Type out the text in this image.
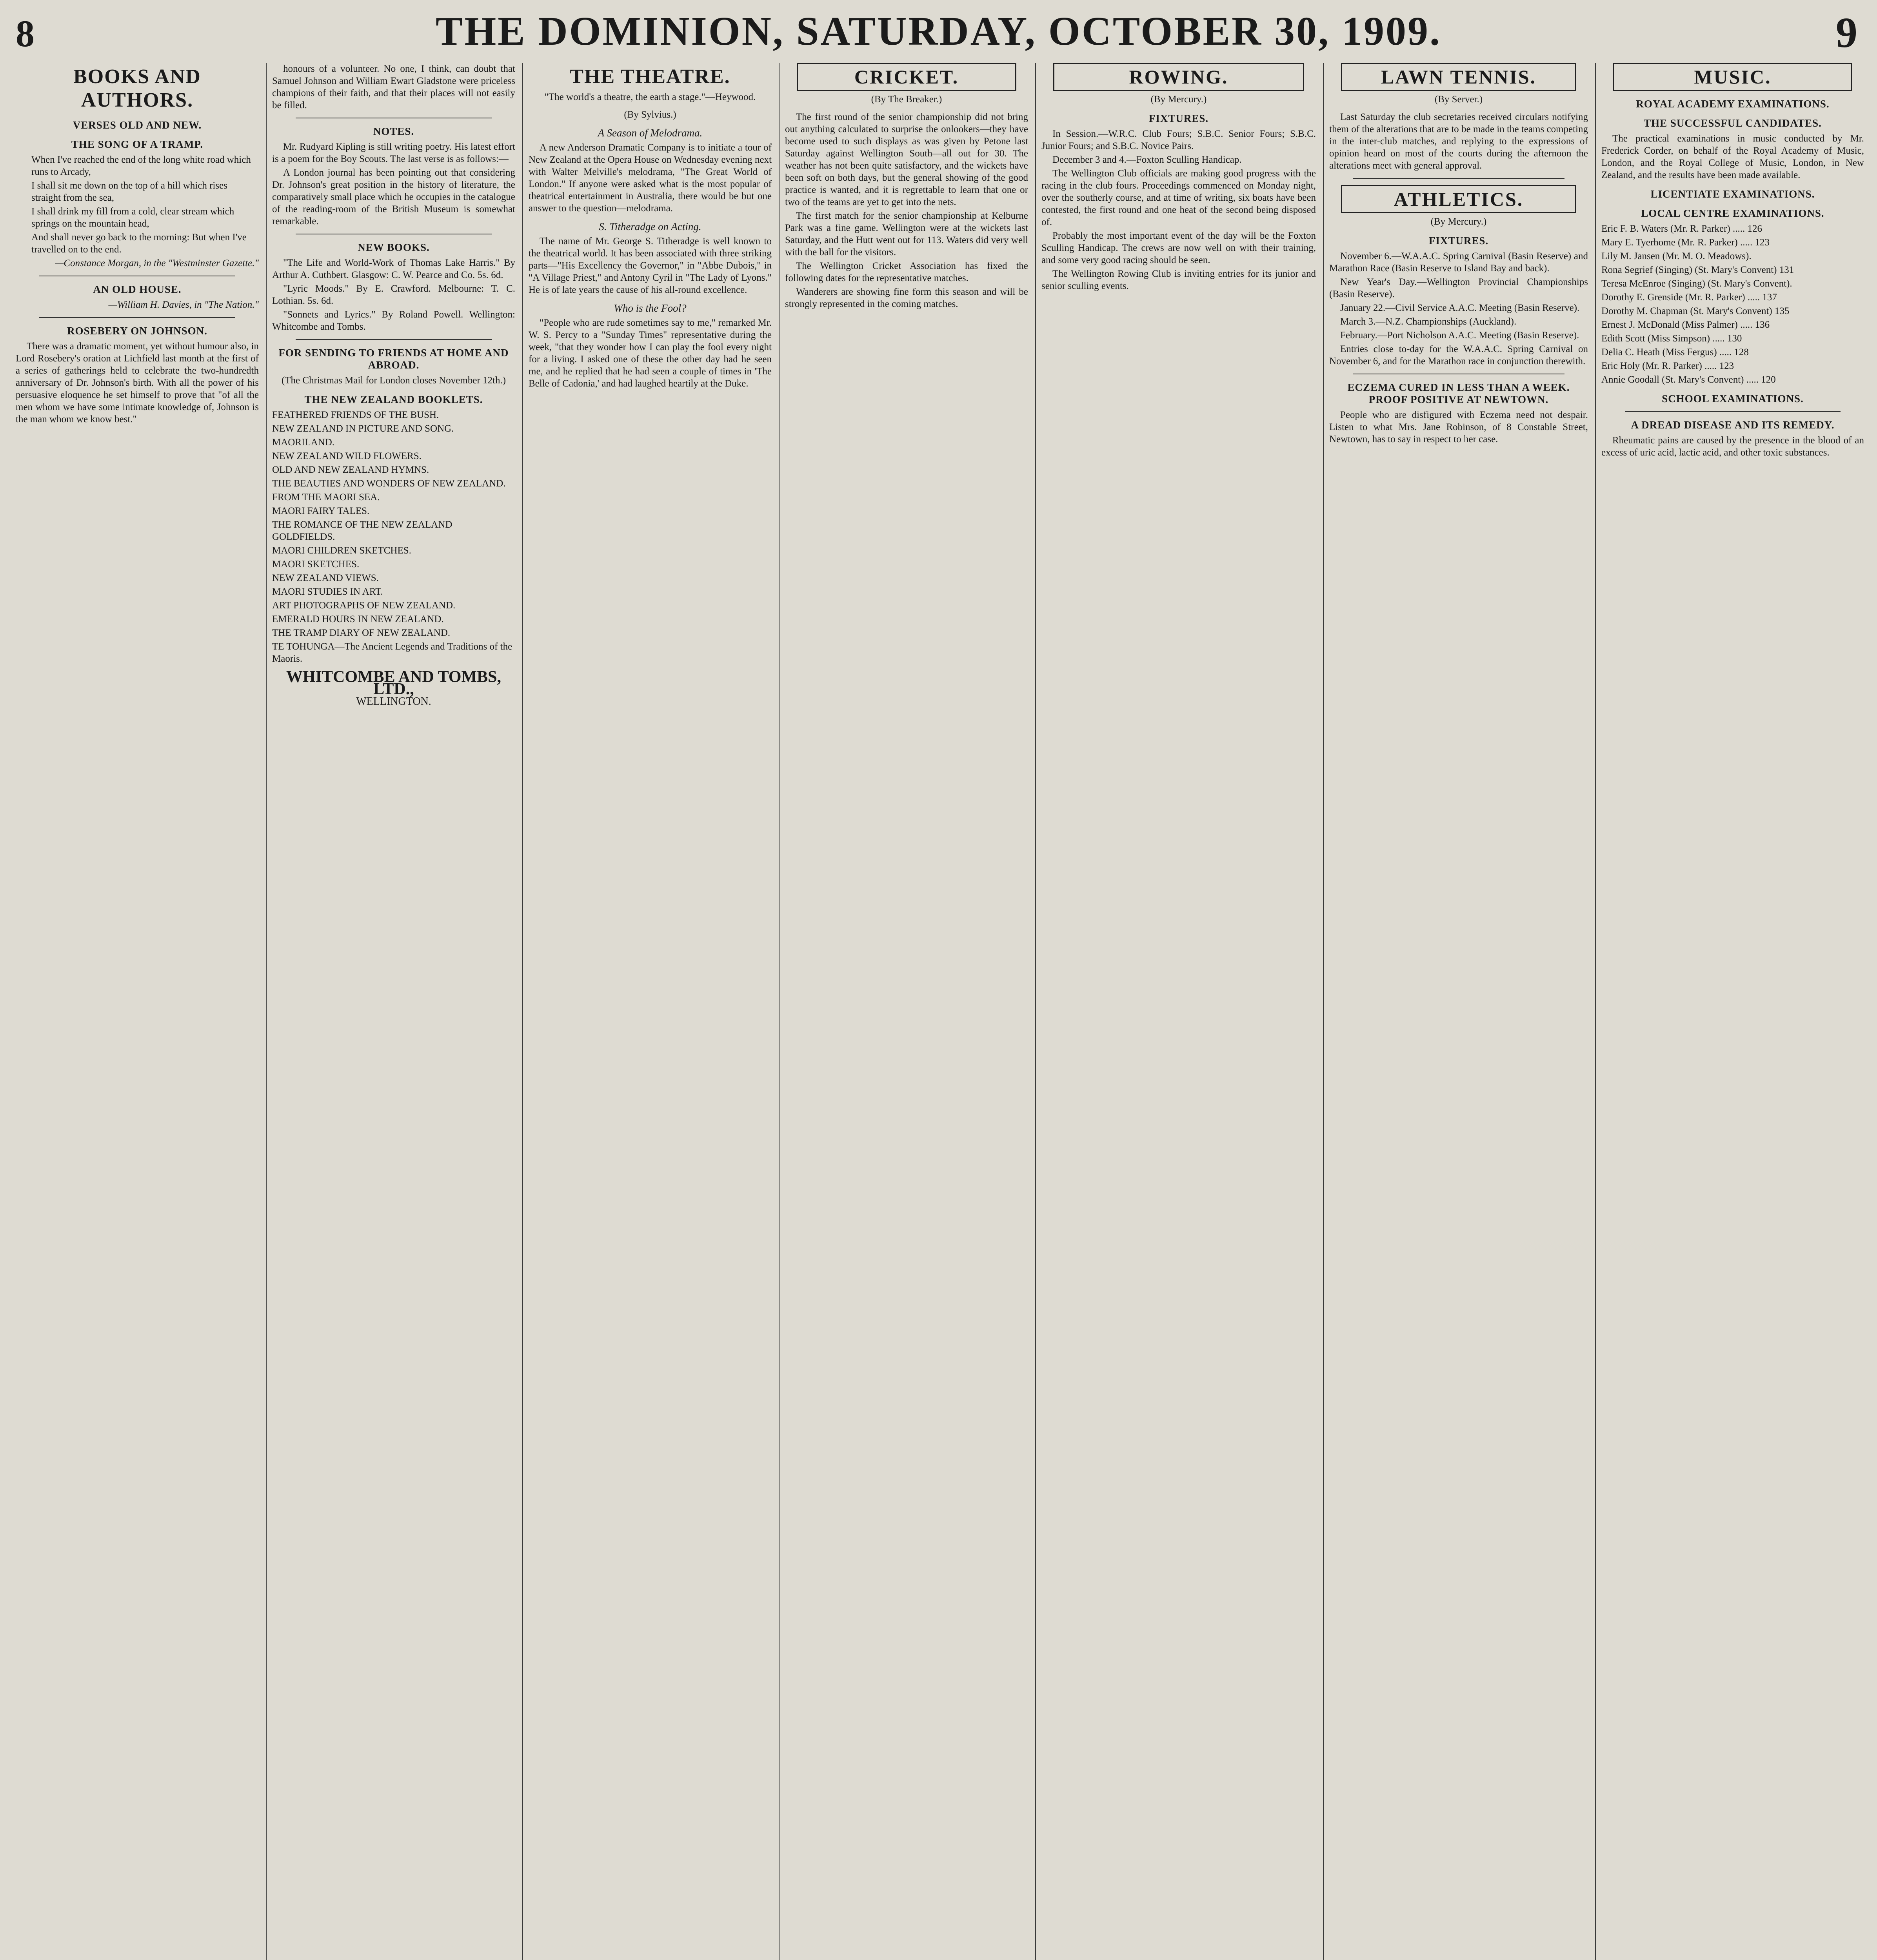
8	THE DOMINION, SATURDAY, OCTOBER 30, 1909.	9
BOOKS AND AUTHORS.
VERSES OLD AND NEW.
THE SONG OF A TRAMP.

When I've reached the end of the long white road which runs to Arcady,

I shall sit me down on the top of a hill which rises straight from the sea,

I shall drink my fill from a cold, clear stream which springs on the mountain head,

And shall never go back to the morning: But when I've travelled on to the end.

—Constance Morgan, in the "Westminster Gazette."

AN OLD HOUSE.

—William H. Davies, in "The Nation."

ROSEBERY ON JOHNSON.

There was a dramatic moment, yet without humour also, in Lord Rosebery's oration at Lichfield last month at the first of a series of gatherings held to celebrate the two-hundredth anniversary of Dr. Johnson's birth. With all the power of his persuasive eloquence he set himself to prove that "of all the men whom we have some intimate knowledge of, Johnson is the man whom we know best."

honours of a volunteer. No one, I think, can doubt that Samuel Johnson and William Ewart Gladstone were priceless champions of their faith, and that their places will not easily be filled.

NOTES.

Mr. Rudyard Kipling is still writing poetry. His latest effort is a poem for the Boy Scouts. The last verse is as follows:—

A London journal has been pointing out that considering Dr. Johnson's great position in the history of literature, the comparatively small place which he occupies in the catalogue of the reading-room of the British Museum is somewhat remarkable.

NEW BOOKS.

"The Life and World-Work of Thomas Lake Harris." By Arthur A. Cuthbert. Glasgow: C. W. Pearce and Co. 5s. 6d.

"Lyric Moods." By E. Crawford. Melbourne: T. C. Lothian. 5s. 6d.

"Sonnets and Lyrics." By Roland Powell. Wellington: Whitcombe and Tombs.

FOR SENDING TO FRIENDS AT HOME AND ABROAD.
(The Christmas Mail for London closes November 12th.)
THE NEW ZEALAND BOOKLETS.

FEATHERED FRIENDS OF THE BUSH.

NEW ZEALAND IN PICTURE AND SONG.

MAORILAND.

NEW ZEALAND WILD FLOWERS.

OLD AND NEW ZEALAND HYMNS.

THE BEAUTIES AND WONDERS OF NEW ZEALAND.

FROM THE MAORI SEA.

MAORI FAIRY TALES.

THE ROMANCE OF THE NEW ZEALAND GOLDFIELDS.

MAORI CHILDREN SKETCHES.

MAORI SKETCHES.

NEW ZEALAND VIEWS.

MAORI STUDIES IN ART.

ART PHOTOGRAPHS OF NEW ZEALAND.

EMERALD HOURS IN NEW ZEALAND.

THE TRAMP DIARY OF NEW ZEALAND.

TE TOHUNGA—The Ancient Legends and Traditions of the Maoris.

WHITCOMBE AND TOMBS, LTD.,
WELLINGTON.
THE THEATRE.
"The world's a theatre, the earth a stage."—Heywood.
(By Sylvius.)
A Season of Melodrama.

A new Anderson Dramatic Company is to initiate a tour of New Zealand at the Opera House on Wednesday evening next with Walter Melville's melodrama, "The Great World of London." If anyone were asked what is the most popular of theatrical entertainment in Australia, there would be but one answer to the question—melodrama.

S. Titheradge on Acting.

The name of Mr. George S. Titheradge is well known to the theatrical world. It has been associated with three striking parts—"His Excellency the Governor," in "Abbe Dubois," in "A Village Priest," and Antony Cyril in "The Lady of Lyons." He is of late years the cause of his all-round excellence.

Who is the Fool?

"People who are rude sometimes say to me," remarked Mr. W. S. Percy to a "Sunday Times" representative during the week, "that they wonder how I can play the fool every night for a living. I asked one of these the other day had he seen me, and he replied that he had seen a couple of times in 'The Belle of Cadonia,' and had laughed heartily at the Duke.

CRICKET.
(By The Breaker.)

The first round of the senior championship did not bring out anything calculated to surprise the onlookers—they have become used to such displays as was given by Petone last Saturday against Wellington South—all out for 30. The weather has not been quite satisfactory, and the wickets have been soft on both days, but the general showing of the good practice is wanted, and it is regrettable to learn that one or two of the teams are yet to get into the nets.

The first match for the senior championship at Kelburne Park was a fine game. Wellington were at the wickets last Saturday, and the Hutt went out for 113. Waters did very well with the ball for the visitors.

The Wellington Cricket Association has fixed the following dates for the representative matches.

Wanderers are showing fine form this season and will be strongly represented in the coming matches.

ROWING.
(By Mercury.)
FIXTURES.

In Session.—W.R.C. Club Fours; S.B.C. Senior Fours; S.B.C. Junior Fours; and S.B.C. Novice Pairs.

December 3 and 4.—Foxton Sculling Handicap.

The Wellington Club officials are making good progress with the racing in the club fours. Proceedings commenced on Monday night, over the southerly course, and at time of writing, six boats have been contested, the first round and one heat of the second being disposed of.

Probably the most important event of the day will be the Foxton Sculling Handicap. The crews are now well on with their training, and some very good racing should be seen.

The Wellington Rowing Club is inviting entries for its junior and senior sculling events.

LAWN TENNIS.
(By Server.)

Last Saturday the club secretaries received circulars notifying them of the alterations that are to be made in the teams competing in the inter-club matches, and replying to the expressions of opinion heard on most of the courts during the afternoon the alterations meet with general approval.

ATHLETICS.
(By Mercury.)
FIXTURES.

November 6.—W.A.A.C. Spring Carnival (Basin Reserve) and Marathon Race (Basin Reserve to Island Bay and back).

New Year's Day.—Wellington Provincial Championships (Basin Reserve).

January 22.—Civil Service A.A.C. Meeting (Basin Reserve).

March 3.—N.Z. Championships (Auckland).

February.—Port Nicholson A.A.C. Meeting (Basin Reserve).

Entries close to-day for the W.A.A.C. Spring Carnival on November 6, and for the Marathon race in conjunction therewith.

ECZEMA CURED IN LESS THAN A WEEK. PROOF POSITIVE AT NEWTOWN.

People who are disfigured with Eczema need not despair. Listen to what Mrs. Jane Robinson, of 8 Constable Street, Newtown, has to say in respect to her case.

MUSIC.
ROYAL ACADEMY EXAMINATIONS.
THE SUCCESSFUL CANDIDATES.

The practical examinations in music conducted by Mr. Frederick Corder, on behalf of the Royal Academy of Music, London, and the Royal College of Music, London, in New Zealand, and the results have been made available.

LICENTIATE EXAMINATIONS.
LOCAL CENTRE EXAMINATIONS.

Eric F. B. Waters (Mr. R. Parker) ..... 126

Mary E. Tyerhome (Mr. R. Parker) ..... 123

Lily M. Jansen (Mr. M. O. Meadows).

Rona Segrief (Singing) (St. Mary's Convent) 131

Teresa McEnroe (Singing) (St. Mary's Convent).

Dorothy E. Grenside (Mr. R. Parker) ..... 137

Dorothy M. Chapman (St. Mary's Convent) 135

Ernest J. McDonald (Miss Palmer) ..... 136

Edith Scott (Miss Simpson) ..... 130

Delia C. Heath (Miss Fergus) ..... 128

Eric Holy (Mr. R. Parker) ..... 123

Annie Goodall (St. Mary's Convent) ..... 120

SCHOOL EXAMINATIONS.
A DREAD DISEASE AND ITS REMEDY.

Rheumatic pains are caused by the presence in the blood of an excess of uric acid, lactic acid, and other toxic substances.
